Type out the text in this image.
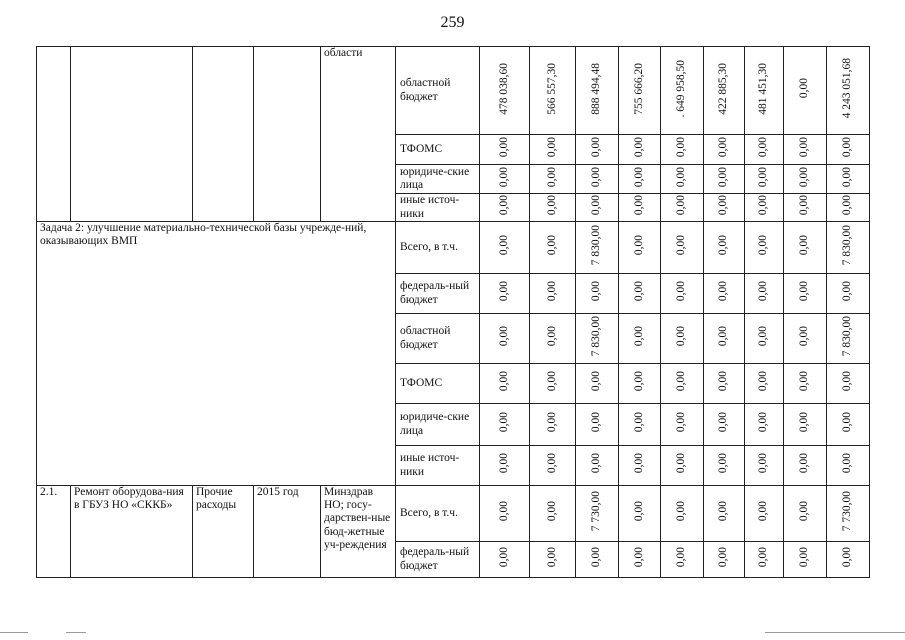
259
				области	областной бюджет	478 038,60	566 557,30	888 494,48	755 666,20	. 649 958,50	422 885,30	481 451,30	0,00	4 243 051,68
					ТФОМС	0,00	0,00	0,00	0,00	0,00	0,00	0,00	0,00	0,00
					юридиче-ские лица	0,00	0,00	0,00	0,00	0,00	0,00	0,00	0,00	0,00
					иные источ-ники	0,00	0,00	0,00	0,00	0,00	0,00	0,00	0,00	0,00
Задача 2: улучшение материально-технической базы учрежде-ний, оказывающих ВМП					Всего, в т.ч.	0,00	0,00	7 830,00	0,00	0,00	0,00	0,00	0,00	7 830,00
					федераль-ный бюджет	0,00	0,00	0,00	0,00	0,00	0,00	0,00	0,00	0,00
					областной бюджет	0,00	0,00	7 830,00	0,00	0,00	0,00	0,00	0,00	7 830,00
					ТФОМС	0,00	0,00	0,00	0,00	0,00	0,00	0,00	0,00	0,00
					юридиче-ские лица	0,00	0,00	0,00	0,00	0,00	0,00	0,00	0,00	0,00
					иные источ-ники	0,00	0,00	0,00	0,00	0,00	0,00	0,00	0,00	0,00
2.1.	Ремонт оборудова-ния в ГБУЗ НО «СККБ»	Прочие расходы	2015 год	Минздрав НО; госу-дарствен-ные бюд-жетные уч-реждения	Всего, в т.ч.	0,00	0,00	7 730,00	0,00	0,00	0,00	0,00	0,00	7 730,00
					федераль-ный бюджет	0,00	0,00	0,00	0,00	0,00	0,00	0,00	0,00	0,00
